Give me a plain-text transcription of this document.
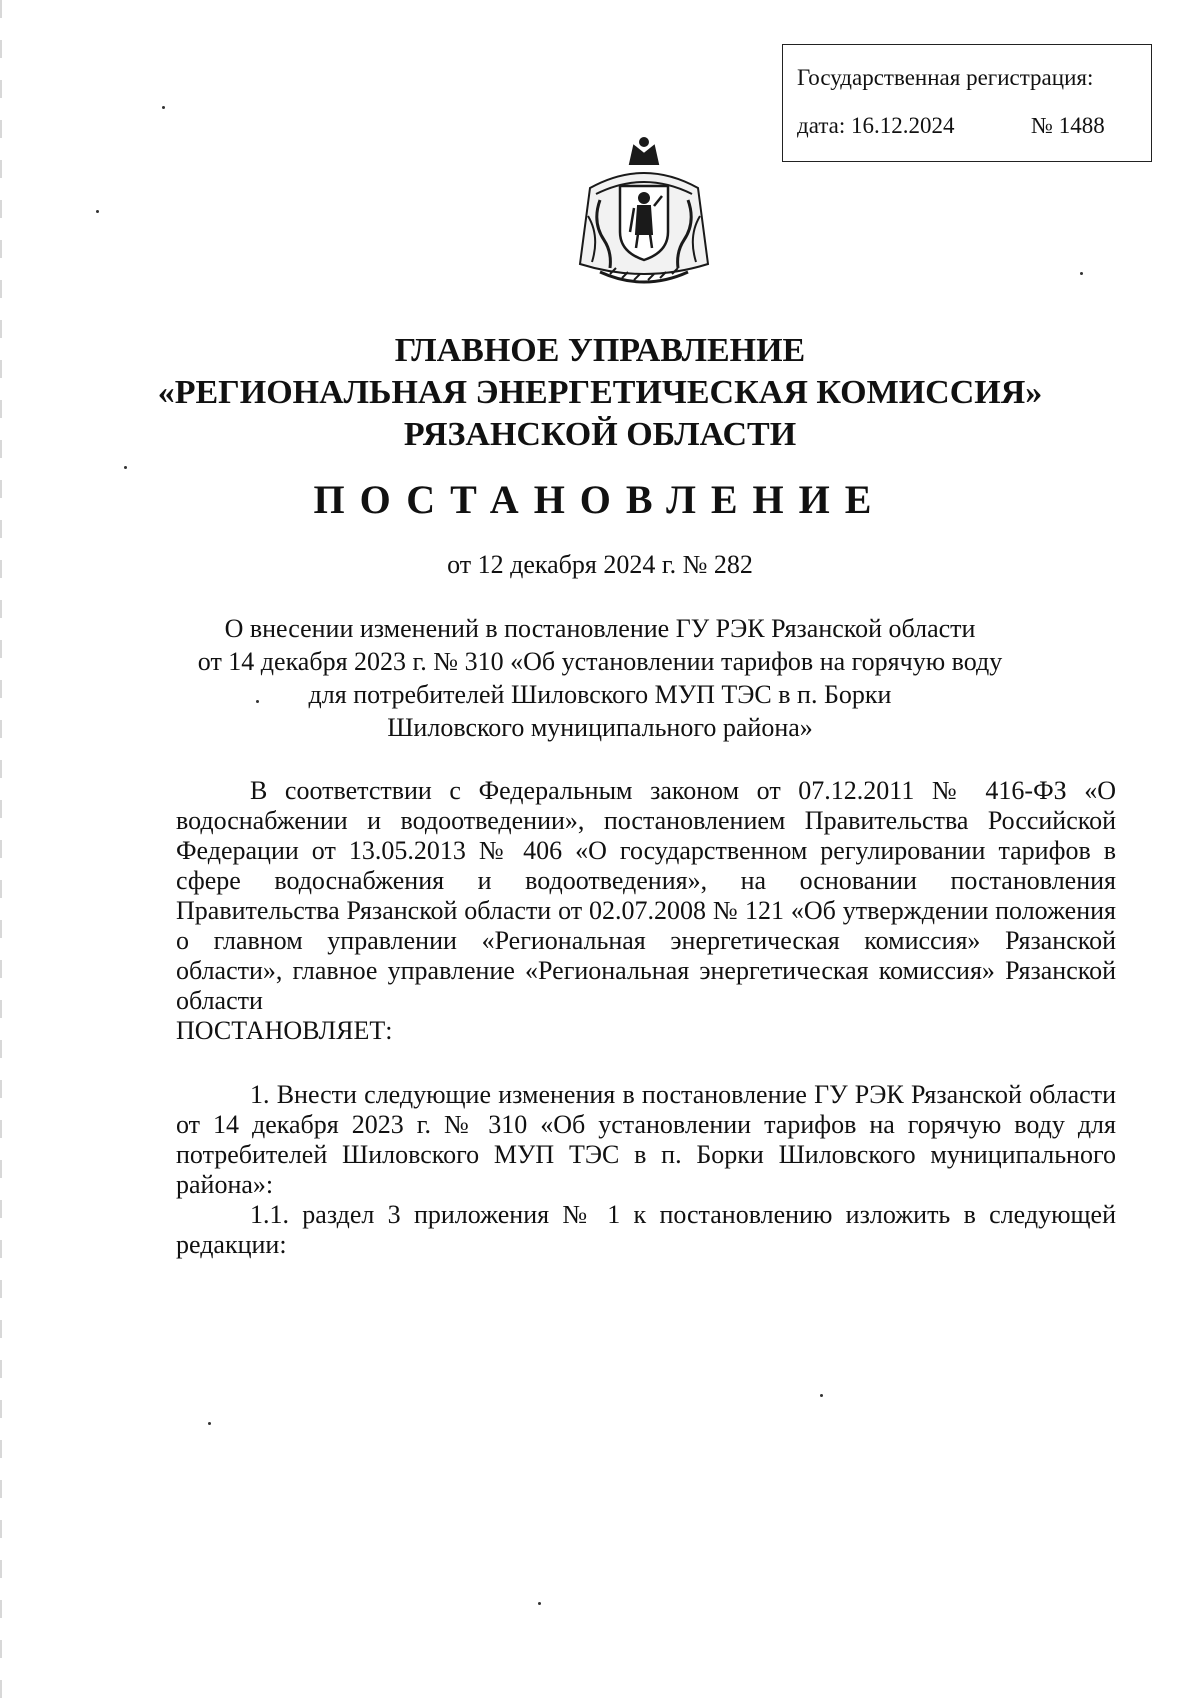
Государственная регистрация:
дата: 16.12.2024	№ 1488
ГЛАВНОЕ УПРАВЛЕНИЕ
«РЕГИОНАЛЬНАЯ ЭНЕРГЕТИЧЕСКАЯ КОМИССИЯ»
РЯЗАНСКОЙ ОБЛАСТИ
ПОСТАНОВЛЕНИЕ
от 12 декабря 2024 г. № 282
О внесении изменений в постановление ГУ РЭК Рязанской области
от 14 декабря 2023 г. № 310 «Об установлении тарифов на горячую воду
для потребителей Шиловского МУП ТЭС в п. Борки
Шиловского муниципального района»

В соответствии с Федеральным законом от 07.12.2011 № 416-ФЗ «О водоснабжении и водоотведении», постановлением Правительства Российской Федерации от 13.05.2013 № 406 «О государственном регулировании тарифов в сфере водоснабжения и водоотведения», на основании постановления Правительства Рязанской области от 02.07.2008 № 121 «Об утверждении положения о главном управлении «Региональная энергетическая комиссия» Рязанской области», главное управление «Региональная энергетическая комиссия» Рязанской области

ПОСТАНОВЛЯЕТ:

1. Внести следующие изменения в постановление ГУ РЭК Рязанской области от 14 декабря 2023 г. № 310 «Об установлении тарифов на горячую воду для потребителей Шиловского МУП ТЭС в п. Борки Шиловского муниципального района»:

1.1. раздел 3 приложения № 1 к постановлению изложить в следующей редакции:
